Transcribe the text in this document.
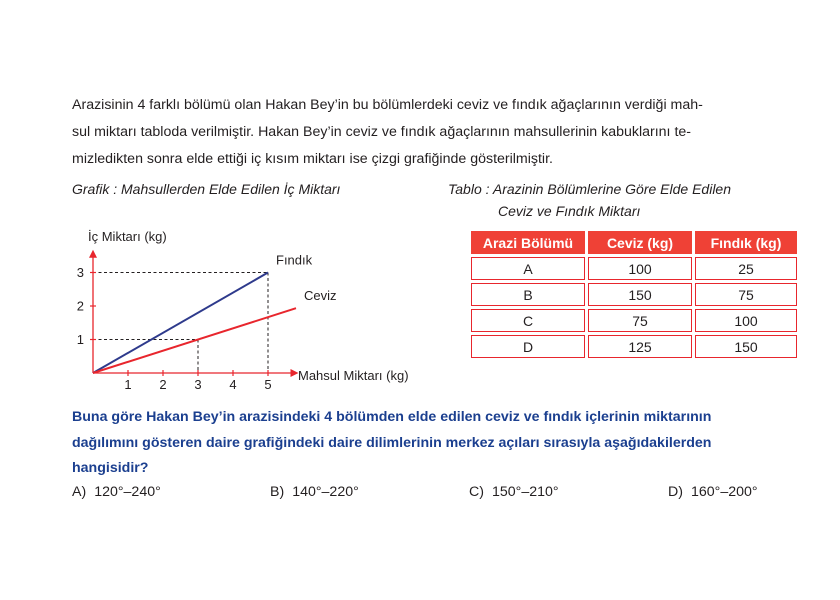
Arazisinin 4 farklı bölümü olan Hakan Bey’in bu bölümlerdeki ceviz ve fındık ağaçlarının verdiği mah-
sul miktarı tabloda verilmiştir. Hakan Bey’in ceviz ve fındık ağaçlarının mahsullerinin kabuklarını te-
mizledikten sonra elde ettiği iç kısım miktarı ise çizgi grafiğinde gösterilmiştir.

Grafik : Mahsullerden Elde Edilen İç Miktarı	Tablo : Arazinin Bölümlerine Göre Elde Edilen
Ceviz ve Fındık Miktarı
1 2 3 4 5
1
2
3
Fındık
Ceviz
İç Miktarı (kg)
Mahsul Miktarı (kg)
Arazi Bölümü	Ceviz (kg)	Fındık (kg)
A	100	25
B	150	75
C	75	100
D	125	150

Buna göre Hakan Bey’in arazisindeki 4 bölümden elde edilen ceviz ve fındık içlerinin miktarının
dağılımını gösteren daire grafiğindeki daire dilimlerinin merkez açıları sırasıyla aşağıdakilerden
hangisidir?

A) 120°–240°	B) 140°–220°	C) 150°–210°	D) 160°–200°
